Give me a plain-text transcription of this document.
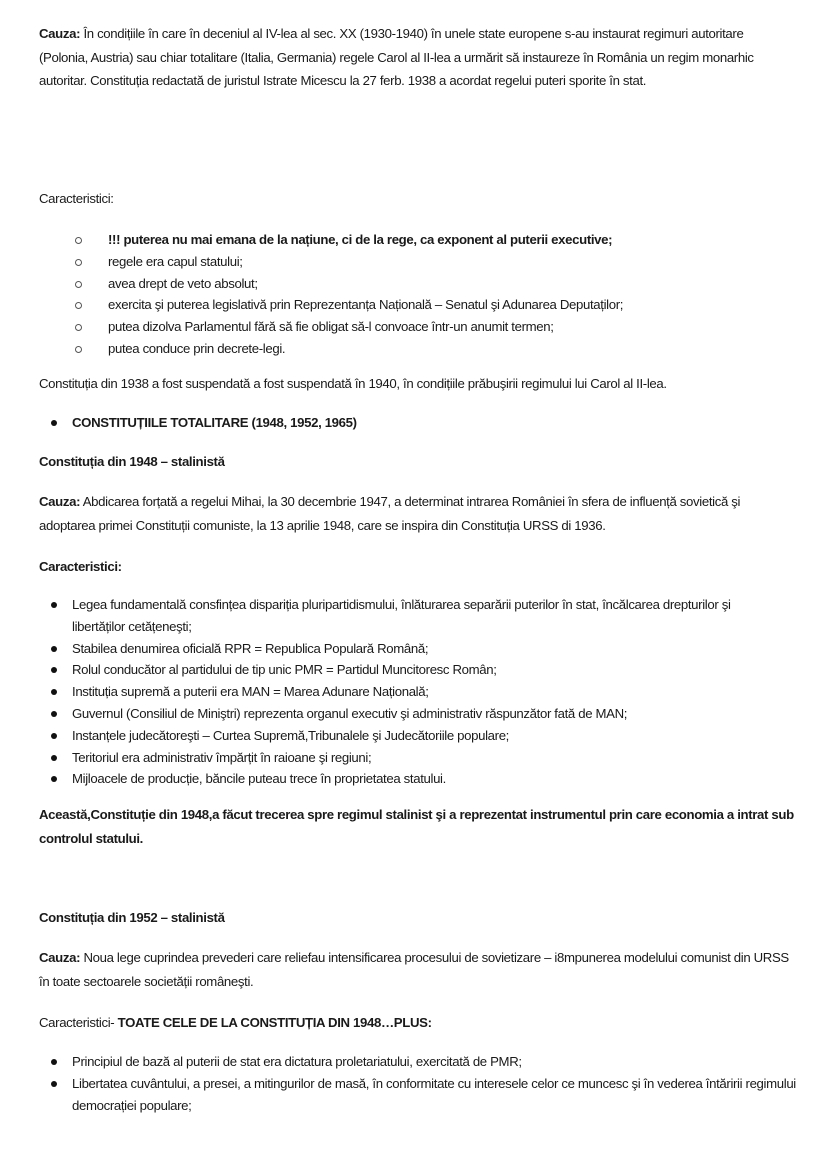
Cauza: În condițiile în care în deceniul al IV-lea al sec. XX (1930-1940) în unele state europene s-au instaurat regimuri autoritare (Polonia, Austria) sau chiar totalitare (Italia, Germania) regele Carol al II-lea a urmărit să instaureze în România un regim monarhic autoritar. Constituția redactată de juristul Istrate Micescu la 27 ferb. 1938 a acordat regelui puteri sporite în stat.

Caracteristici:

!!! puterea nu mai emana de la națiune, ci de la rege, ca exponent al puterii executive;
regele era capul statului;
avea drept de veto absolut;
exercita şi puterea legislativă prin Reprezentanța Națională – Senatul şi Adunarea Deputaților;
putea dizolva Parlamentul fără să fie obligat să-l convoace într-un anumit termen;
putea conduce prin decrete-legi.

Constituția din 1938 a fost suspendată a fost suspendată în 1940, în condițiile prăbuşirii regimului lui Carol al II-lea.

CONSTITUȚIILE TOTALITARE (1948, 1952, 1965)

Constituția din 1948 – stalinistă

Cauza: Abdicarea forțată a regelui Mihai, la 30 decembrie 1947, a determinat intrarea României în sfera de influență sovietică şi adoptarea primei Constituții comuniste, la 13 aprilie 1948, care se inspira din Constituția URSS di 1936.

Caracteristici:

Legea fundamentală consfințea dispariția pluripartidismului, înlăturarea separării puterilor în stat, încălcarea drepturilor şi libertăților cetățeneşti;
Stabilea denumirea oficială RPR = Republica Populară Română;
Rolul conducător al partidului de tip unic PMR = Partidul Muncitoresc Român;
Instituția supremă a puterii era MAN = Marea Adunare Națională;
Guvernul (Consiliul de Miniştri) reprezenta organul executiv şi administrativ răspunzător fată de MAN;
Instanțele judecătoreşti – Curtea Supremă,Tribunalele şi Judecătoriile populare;
Teritoriul era administrativ împărțit în raioane şi regiuni;
Mijloacele de producție, băncile puteau trece în proprietatea statului.

Această,Constituție din 1948,a făcut trecerea spre regimul stalinist şi a reprezentat instrumentul prin care economia a intrat sub controlul statului.

Constituția din 1952 – stalinistă

Cauza: Noua lege cuprindea prevederi care reliefau intensificarea procesului de sovietizare – i8mpunerea modelului comunist din URSS în toate sectoarele societății româneşti.

Caracteristici- TOATE CELE DE LA CONSTITUȚIA DIN 1948…PLUS:

Principiul de bază al puterii de stat era dictatura proletariatului, exercitată de PMR;
Libertatea cuvântului, a presei, a mitingurilor de masă, în conformitate cu interesele celor ce muncesc şi în vederea întăririi regimului democrației populare;
